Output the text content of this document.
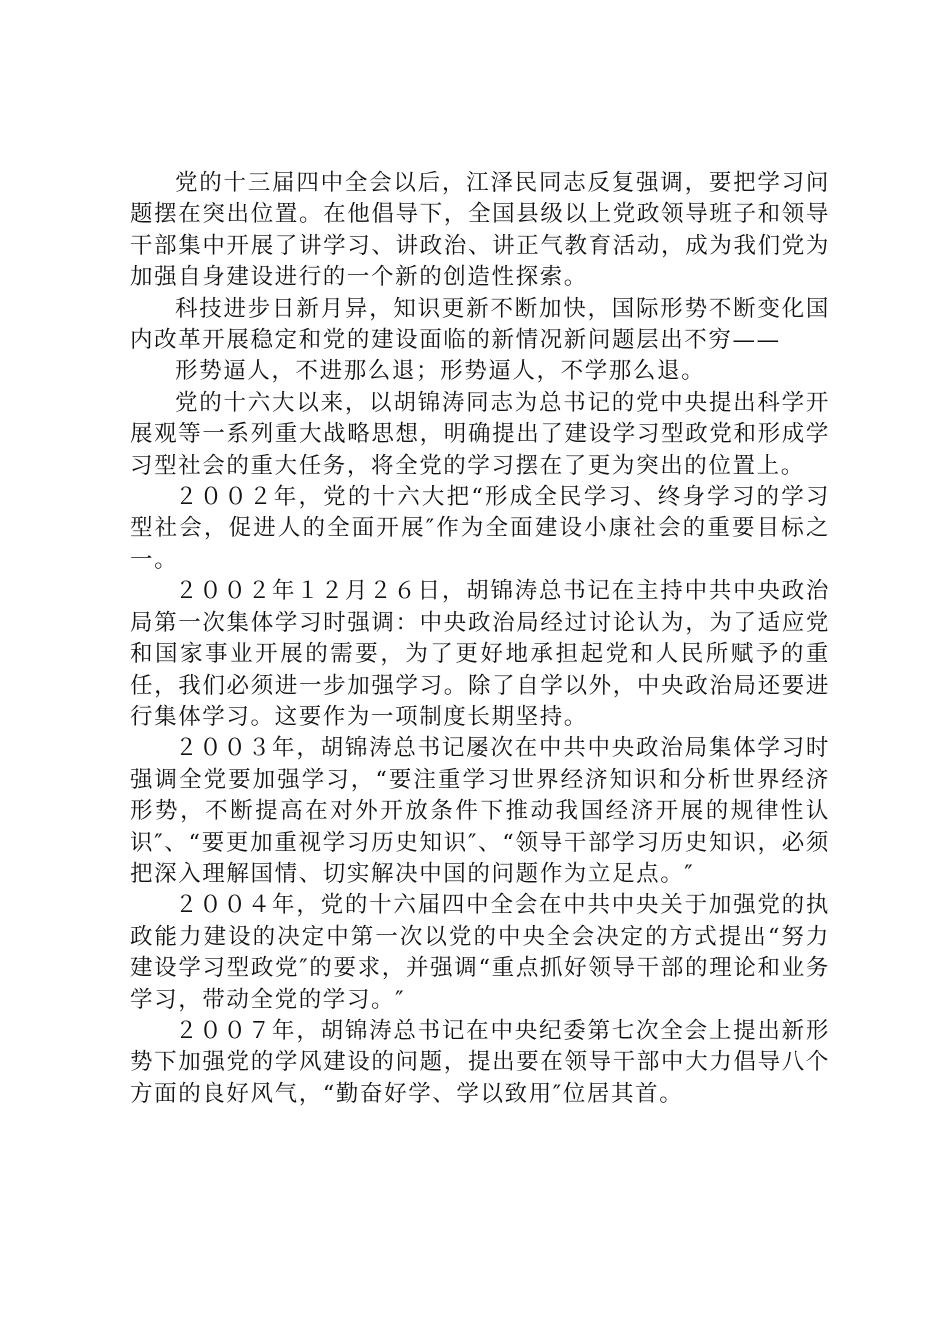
党的十三届四中全会以后，江泽民同志反复强调，要把学习问题摆在突出位置。在他倡导下，全国县级以上党政领导班子和领导干部集中开展了讲学习、讲政治、讲正气教育活动，成为我们党为加强自身建设进行的一个新的创造性探索。

科技进步日新月异，知识更新不断加快，国际形势不断变化国内改革开展稳定和党的建设面临的新情况新问题层出不穷——

形势逼人，不进那么退；形势逼人，不学那么退。

党的十六大以来，以胡锦涛同志为总书记的党中央提出科学开展观等一系列重大战略思想，明确提出了建设学习型政党和形成学习型社会的重大任务，将全党的学习摆在了更为突出的位置上。

２００２年，党的十六大把“形成全民学习、终身学习的学习型社会，促进人的全面开展″作为全面建设小康社会的重要目标之一。

２００２年１２月２６日，胡锦涛总书记在主持中共中央政治局第一次集体学习时强调：中央政治局经过讨论认为，为了适应党和国家事业开展的需要，为了更好地承担起党和人民所赋予的重任，我们必须进一步加强学习。除了自学以外，中央政治局还要进行集体学习。这要作为一项制度长期坚持。

２００３年，胡锦涛总书记屡次在中共中央政治局集体学习时强调全党要加强学习，“要注重学习世界经济知识和分析世界经济形势，不断提高在对外开放条件下推动我国经济开展的规律性认识″、“要更加重视学习历史知识″、“领导干部学习历史知识，必须把深入理解国情、切实解决中国的问题作为立足点。″

２００４年，党的十六届四中全会在中共中央关于加强党的执政能力建设的决定中第一次以党的中央全会决定的方式提出“努力建设学习型政党″的要求，并强调“重点抓好领导干部的理论和业务学习，带动全党的学习。″

２００７年，胡锦涛总书记在中央纪委第七次全会上提出新形势下加强党的学风建设的问题，提出要在领导干部中大力倡导八个方面的良好风气，“勤奋好学、学以致用″位居其首。
